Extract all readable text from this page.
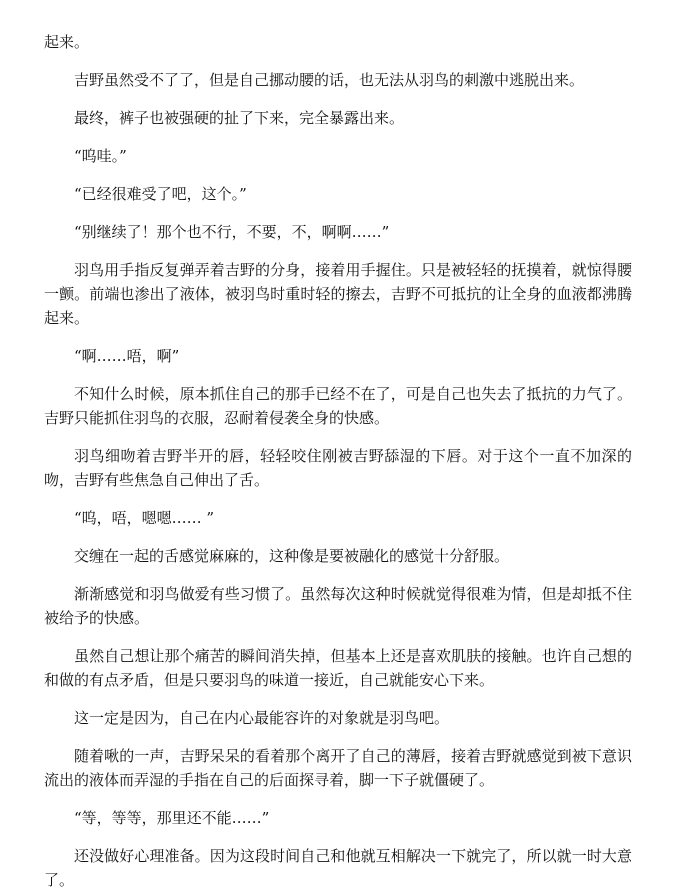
起来。

吉野虽然受不了了，但是自己挪动腰的话，也无法从羽鸟的刺激中逃脱出来。

最终，裤子也被强硬的扯了下来，完全暴露出来。

“呜哇。”

“已经很难受了吧，这个。”

“别继续了！那个也不行，不要，不，啊啊……”

羽鸟用手指反复弹弄着吉野的分身，接着用手握住。只是被轻轻的抚摸着，就惊得腰一颤。前端也渗出了液体，被羽鸟时重时轻的擦去，吉野不可抵抗的让全身的血液都沸腾起来。

“啊……唔，啊”

不知什么时候，原本抓住自己的那手已经不在了，可是自己也失去了抵抗的力气了。吉野只能抓住羽鸟的衣服，忍耐着侵袭全身的快感。

羽鸟细吻着吉野半开的唇，轻轻咬住刚被吉野舔湿的下唇。对于这个一直不加深的吻，吉野有些焦急自己伸出了舌。

“呜，唔，嗯嗯…… ”

交缠在一起的舌感觉麻麻的，这种像是要被融化的感觉十分舒服。

渐渐感觉和羽鸟做爱有些习惯了。虽然每次这种时候就觉得很难为情，但是却抵不住被给予的快感。

虽然自己想让那个痛苦的瞬间消失掉，但基本上还是喜欢肌肤的接触。也许自己想的和做的有点矛盾，但是只要羽鸟的味道一接近，自己就能安心下来。

这一定是因为，自己在内心最能容许的对象就是羽鸟吧。

随着啾的一声，吉野呆呆的看着那个离开了自己的薄唇，接着吉野就感觉到被下意识流出的液体而弄湿的手指在自己的后面探寻着，脚一下子就僵硬了。

“等，等等，那里还不能……”

还没做好心理准备。因为这段时间自己和他就互相解决一下就完了，所以就一时大意了。
